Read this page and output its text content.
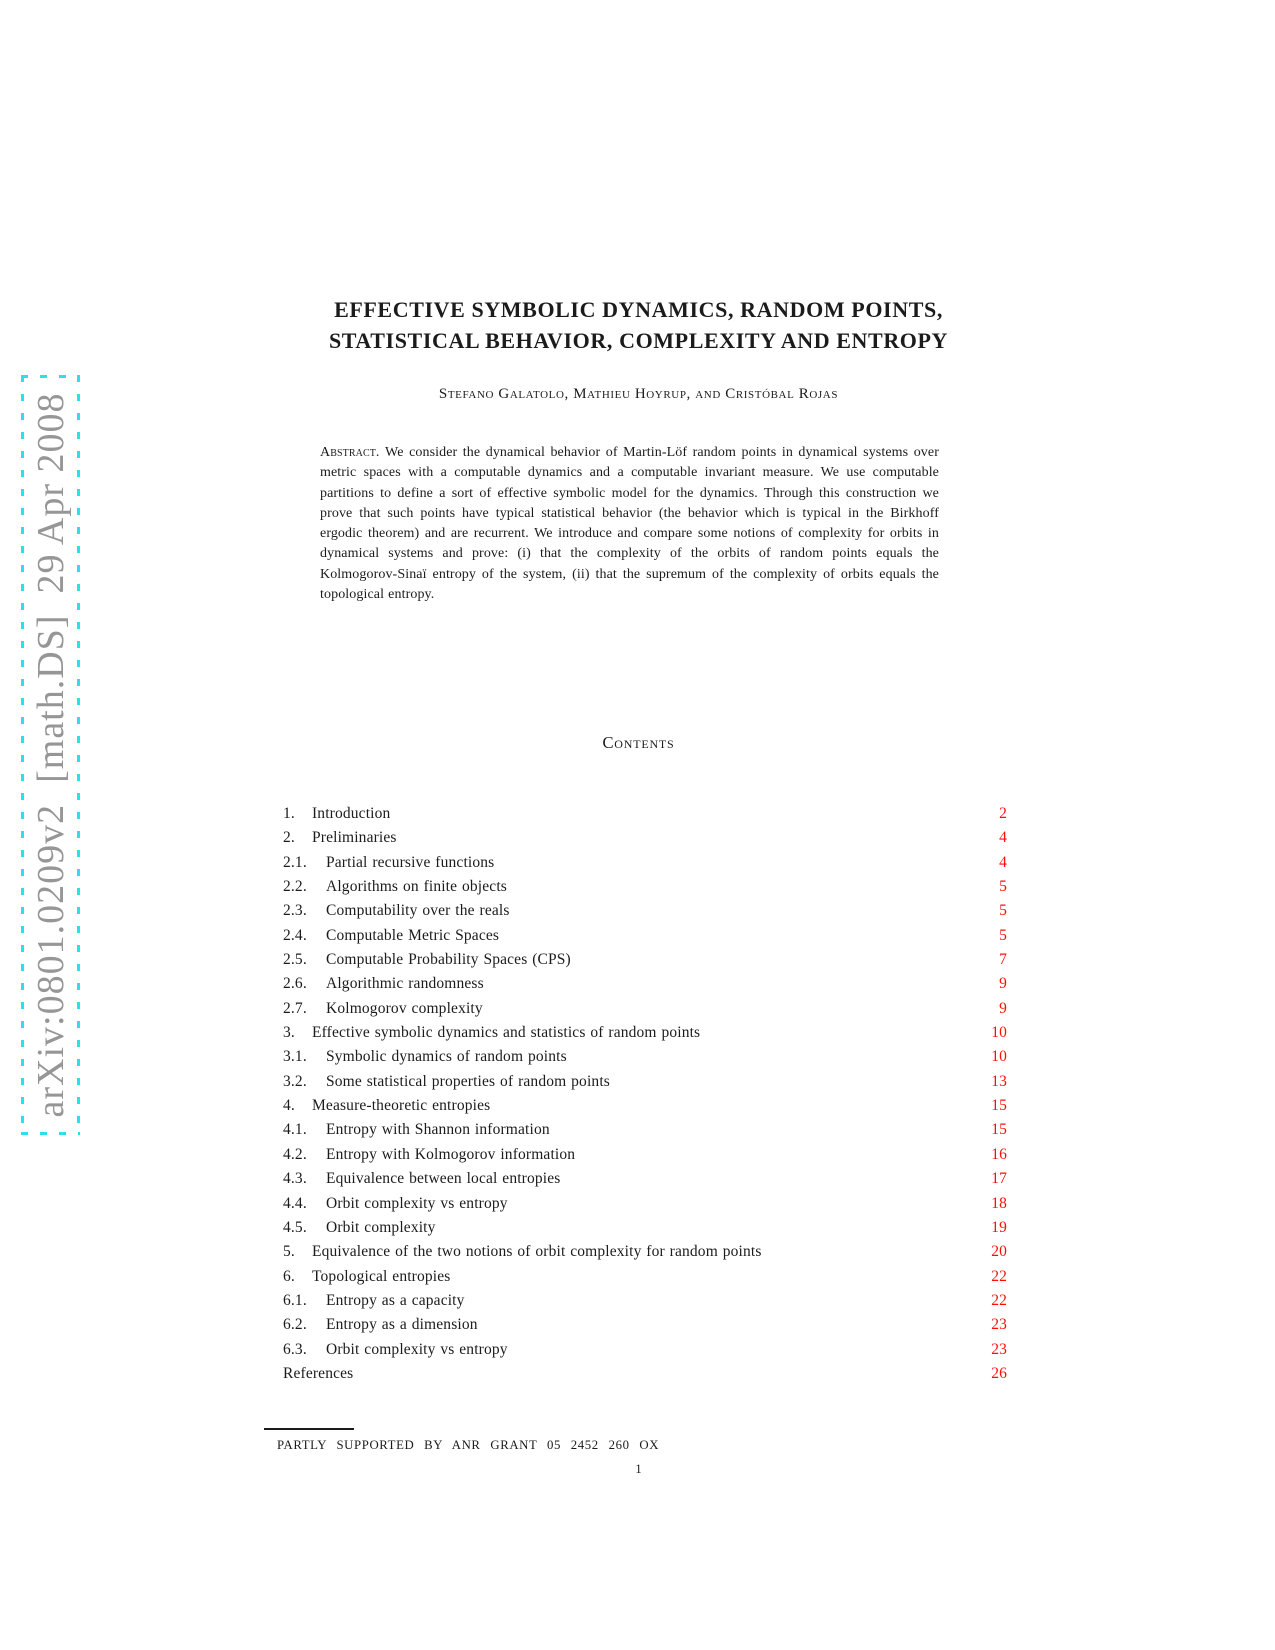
arXiv:0801.0209v2  [math.DS]  29 Apr 2008
EFFECTIVE SYMBOLIC DYNAMICS, RANDOM POINTS,
STATISTICAL BEHAVIOR, COMPLEXITY AND ENTROPY
Stefano Galatolo, Mathieu Hoyrup, and Cristóbal Rojas
Abstract. We consider the dynamical behavior of Martin-Löf random points in dynamical systems over metric spaces with a computable dynamics and a computable invariant measure. We use computable partitions to define a sort of effective symbolic model for the dynamics. Through this construction we prove that such points have typical statistical behavior (the behavior which is typical in the Birkhoff ergodic theorem) and are recurrent. We introduce and compare some notions of complexity for orbits in dynamical systems and prove: (i) that the complexity of the orbits of random points equals the Kolmogorov-Sinaï entropy of the system, (ii) that the supremum of the complexity of orbits equals the topological entropy.
Contents
1.	Introduction	2
2.	Preliminaries	4
2.1.	Partial recursive functions	4
2.2.	Algorithms on finite objects	5
2.3.	Computability over the reals	5
2.4.	Computable Metric Spaces	5
2.5.	Computable Probability Spaces (CPS)	7
2.6.	Algorithmic randomness	9
2.7.	Kolmogorov complexity	9
3.	Effective symbolic dynamics and statistics of random points	10
3.1.	Symbolic dynamics of random points	10
3.2.	Some statistical properties of random points	13
4.	Measure-theoretic entropies	15
4.1.	Entropy with Shannon information	15
4.2.	Entropy with Kolmogorov information	16
4.3.	Equivalence between local entropies	17
4.4.	Orbit complexity vs entropy	18
4.5.	Orbit complexity	19
5.	Equivalence of the two notions of orbit complexity for random points	20
6.	Topological entropies	22
6.1.	Entropy as a capacity	22
6.2.	Entropy as a dimension	23
6.3.	Orbit complexity vs entropy	23
References	26
PARTLY SUPPORTED BY ANR GRANT 05 2452 260 OX
1
